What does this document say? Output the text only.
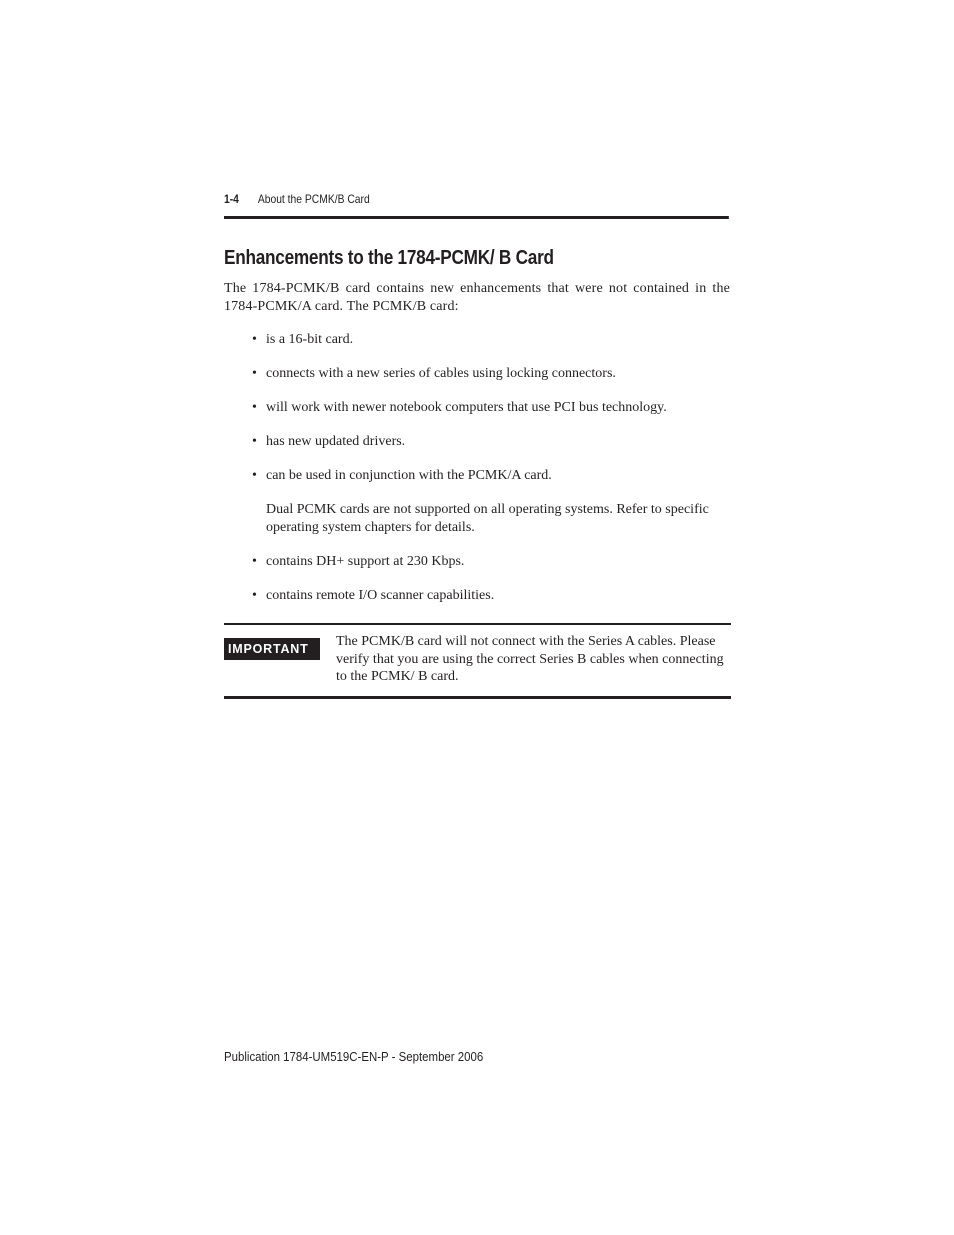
1-4 About the PCMK/B Card
Enhancements to the 1784-PCMK/ B Card

The 1784-PCMK/B card contains new enhancements that were not contained in the 1784-PCMK/A card. The PCMK/B card:

• is a 16-bit card.
• connects with a new series of cables using locking connectors.
• will work with newer notebook computers that use PCI bus technology.
• has new updated drivers.
• can be used in conjunction with the PCMK/A card.
Dual PCMK cards are not supported on all operating systems. Refer to specific operating system chapters for details.
• contains DH+ support at 230 Kbps.
• contains remote I/O scanner capabilities.
IMPORTANT	The PCMK/B card will not connect with the Series A cables. Please verify that you are using the correct Series B cables when connecting to the PCMK/ B card.

Publication 1784-UM519C-EN-P - September 2006
